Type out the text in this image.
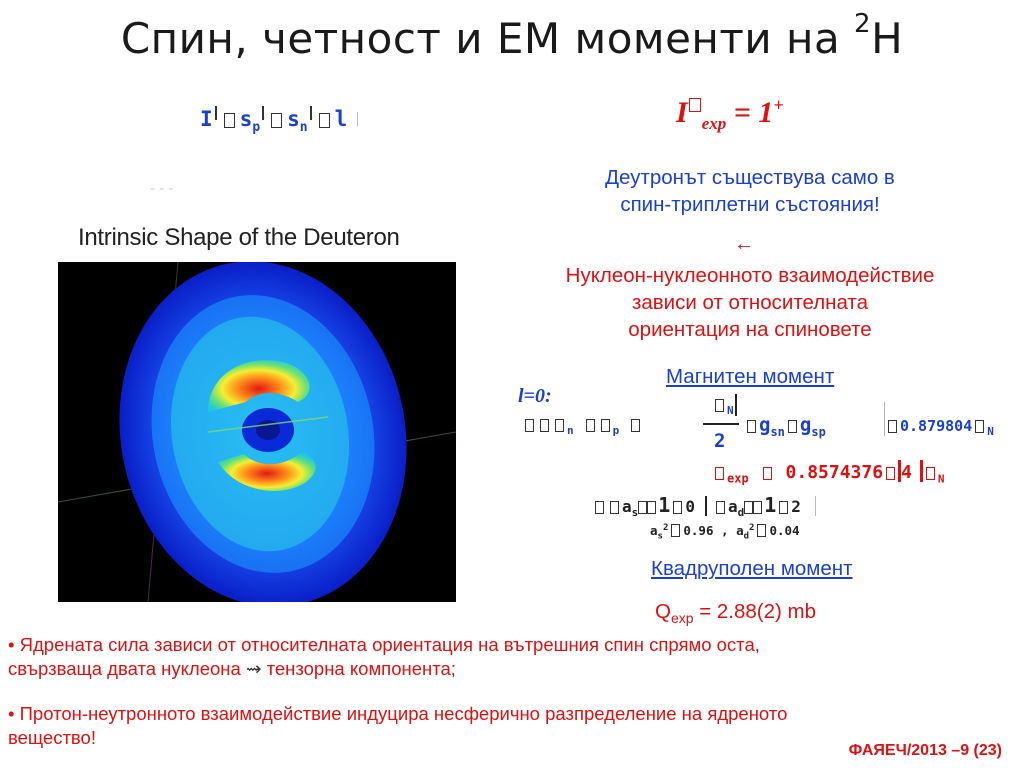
Спин, четност и ЕМ моменти на $^2$H
I $s_p$ $s_n$ l
- - -
Intrinsic Shape of the Deuteron
I $_{exp}$ = 1+
Деутронът съществува само в
спин-триплетни състояния!
←
Нуклеон-нуклеонното взаимодействие
зависи от относителната
ориентация на спиновете
Магнитен момент
l=0:
$_n$	$_p$
$_N$
2
$g_{sn}$ $g_{sp}$	0.879804 $_N$
$_{exp}$ 0.8574376 4 $_N$
$a_s$ 1 0 $a_d$ 1 2
$a_s^2$ 0.96 , $a_d^2$ 0.04
Квадруполен момент
$Q_{exp} = 2.88(2)$ mb
• Ядрената сила зависи от относителната ориентация на вътрешния спин спрямо оста,
свързваща двата нуклеона ⇝ тензорна компонента;
• Протон-неутронното взаимодействие индуцира несферично разпределение на ядреното
вещество!
ФАЯЕЧ/2013 –9 (23)
